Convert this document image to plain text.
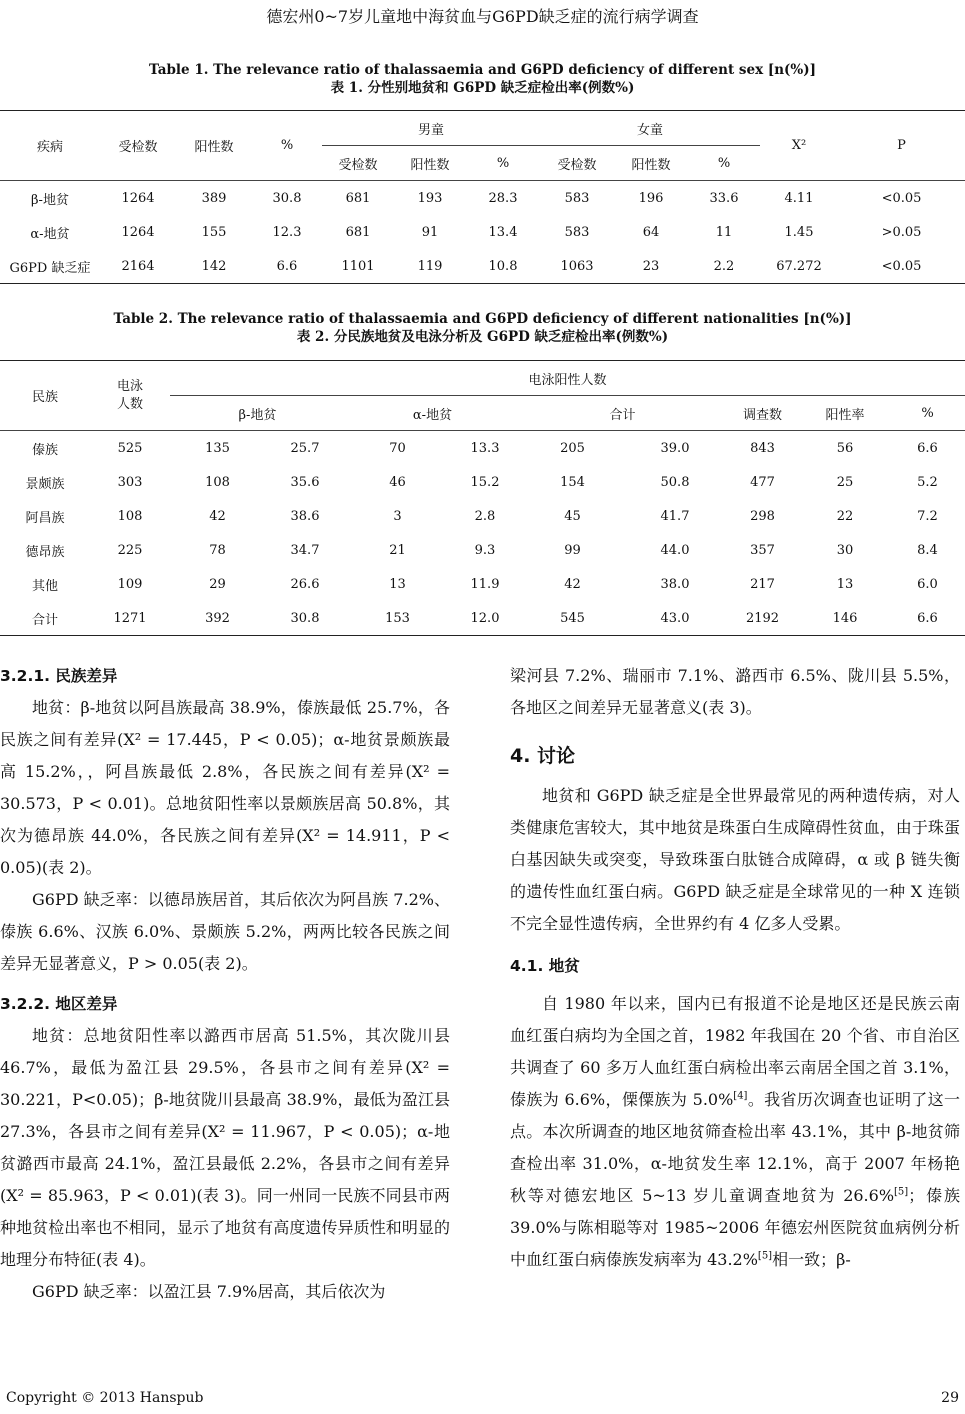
德宏州0~7岁儿童地中海贫血与G6PD缺乏症的流行病学调查
Table 1. The relevance ratio of thalassaemia and G6PD deficiency of different sex [n(%)]
表 1. 分性别地贫和 G6PD 缺乏症检出率(例数%)
疾病	受检数	阳性数	%	男童			女童			X²	P
				受检数	阳性数	%	受检数	阳性数	%		
β-地贫	1264	389	30.8	681	193	28.3	583	196	33.6	4.11	<0.05
α-地贫	1264	155	12.3	681	91	13.4	583	64	11	1.45	>0.05
G6PD 缺乏症	2164	142	6.6	1101	119	10.8	1063	23	2.2	67.272	<0.05
Table 2. The relevance ratio of thalassaemia and G6PD deficiency of different nationalities [n(%)]
表 2. 分民族地贫及电泳分析及 G6PD 缺乏症检出率(例数%)
民族	电泳人数	电泳阳性人数								
		β-地贫		α-地贫		合计		调查数	阳性率	%
傣族	525	135	25.7	70	13.3	205	39.0	843	56	6.6
景颇族	303	108	35.6	46	15.2	154	50.8	477	25	5.2
阿昌族	108	42	38.6	3	2.8	45	41.7	298	22	7.2
德昂族	225	78	34.7	21	9.3	99	44.0	357	30	8.4
其他	109	29	26.6	13	11.9	42	38.0	217	13	6.0
合计	1271	392	30.8	153	12.0	545	43.0	2192	146	6.6
3.2.1. 民族差异

地贫：β-地贫以阿昌族最高 38.9%，傣族最低 25.7%，各民族之间有差异(X² = 17.445，P < 0.05)；α-地贫景颇族最高 15.2%，，阿昌族最低 2.8%，各民族之间有差异(X² = 30.573，P < 0.01)。总地贫阳性率以景颇族居高 50.8%，其次为德昂族 44.0%，各民族之间有差异(X² = 14.911，P < 0.05)(表 2)。

G6PD 缺乏率：以德昂族居首，其后依次为阿昌族 7.2%、傣族 6.6%、汉族 6.0%、景颇族 5.2%，两两比较各民族之间差异无显著意义，P > 0.05(表 2)。

3.2.2. 地区差异

地贫：总地贫阳性率以潞西市居高 51.5%，其次陇川县 46.7%，最低为盈江县 29.5%，各县市之间有差异(X² = 30.221，P<0.05)；β-地贫陇川县最高 38.9%，最低为盈江县 27.3%，各县市之间有差异(X² = 11.967，P < 0.05)；α-地贫潞西市最高 24.1%，盈江县最低 2.2%，各县市之间有差异(X² = 85.963，P < 0.01)(表 3)。同一州同一民族不同县市两种地贫检出率也不相同，显示了地贫有高度遗传异质性和明显的地理分布特征(表 4)。

G6PD 缺乏率：以盈江县 7.9%居高，其后依次为

梁河县 7.2%、瑞丽市 7.1%、潞西市 6.5%、陇川县 5.5%，各地区之间差异无显著意义(表 3)。

4. 讨论

地贫和 G6PD 缺乏症是全世界最常见的两种遗传病，对人类健康危害较大，其中地贫是珠蛋白生成障碍性贫血，由于珠蛋白基因缺失或突变，导致珠蛋白肽链合成障碍，α 或 β 链失衡的遗传性血红蛋白病。G6PD 缺乏症是全球常见的一种 X 连锁不完全显性遗传病，全世界约有 4 亿多人受累。

4.1. 地贫

自 1980 年以来，国内已有报道不论是地区还是民族云南血红蛋白病均为全国之首，1982 年我国在 20 个省、市自治区共调查了 60 多万人血红蛋白病检出率云南居全国之首 3.1%，傣族为 6.6%，傈僳族为 5.0%[4]。我省历次调查也证明了这一点。本次所调查的地区地贫筛查检出率 43.1%，其中 β-地贫筛查检出率 31.0%，α-地贫发生率 12.1%，高于 2007 年杨艳秋等对德宏地区 5~13 岁儿童调查地贫为 26.6%[5]；傣族 39.0%与陈相聪等对 1985~2006 年德宏州医院贫血病例分析中血红蛋白病傣族发病率为 43.2%[5]相一致；β-

Copyright © 2013 Hanspub	29
